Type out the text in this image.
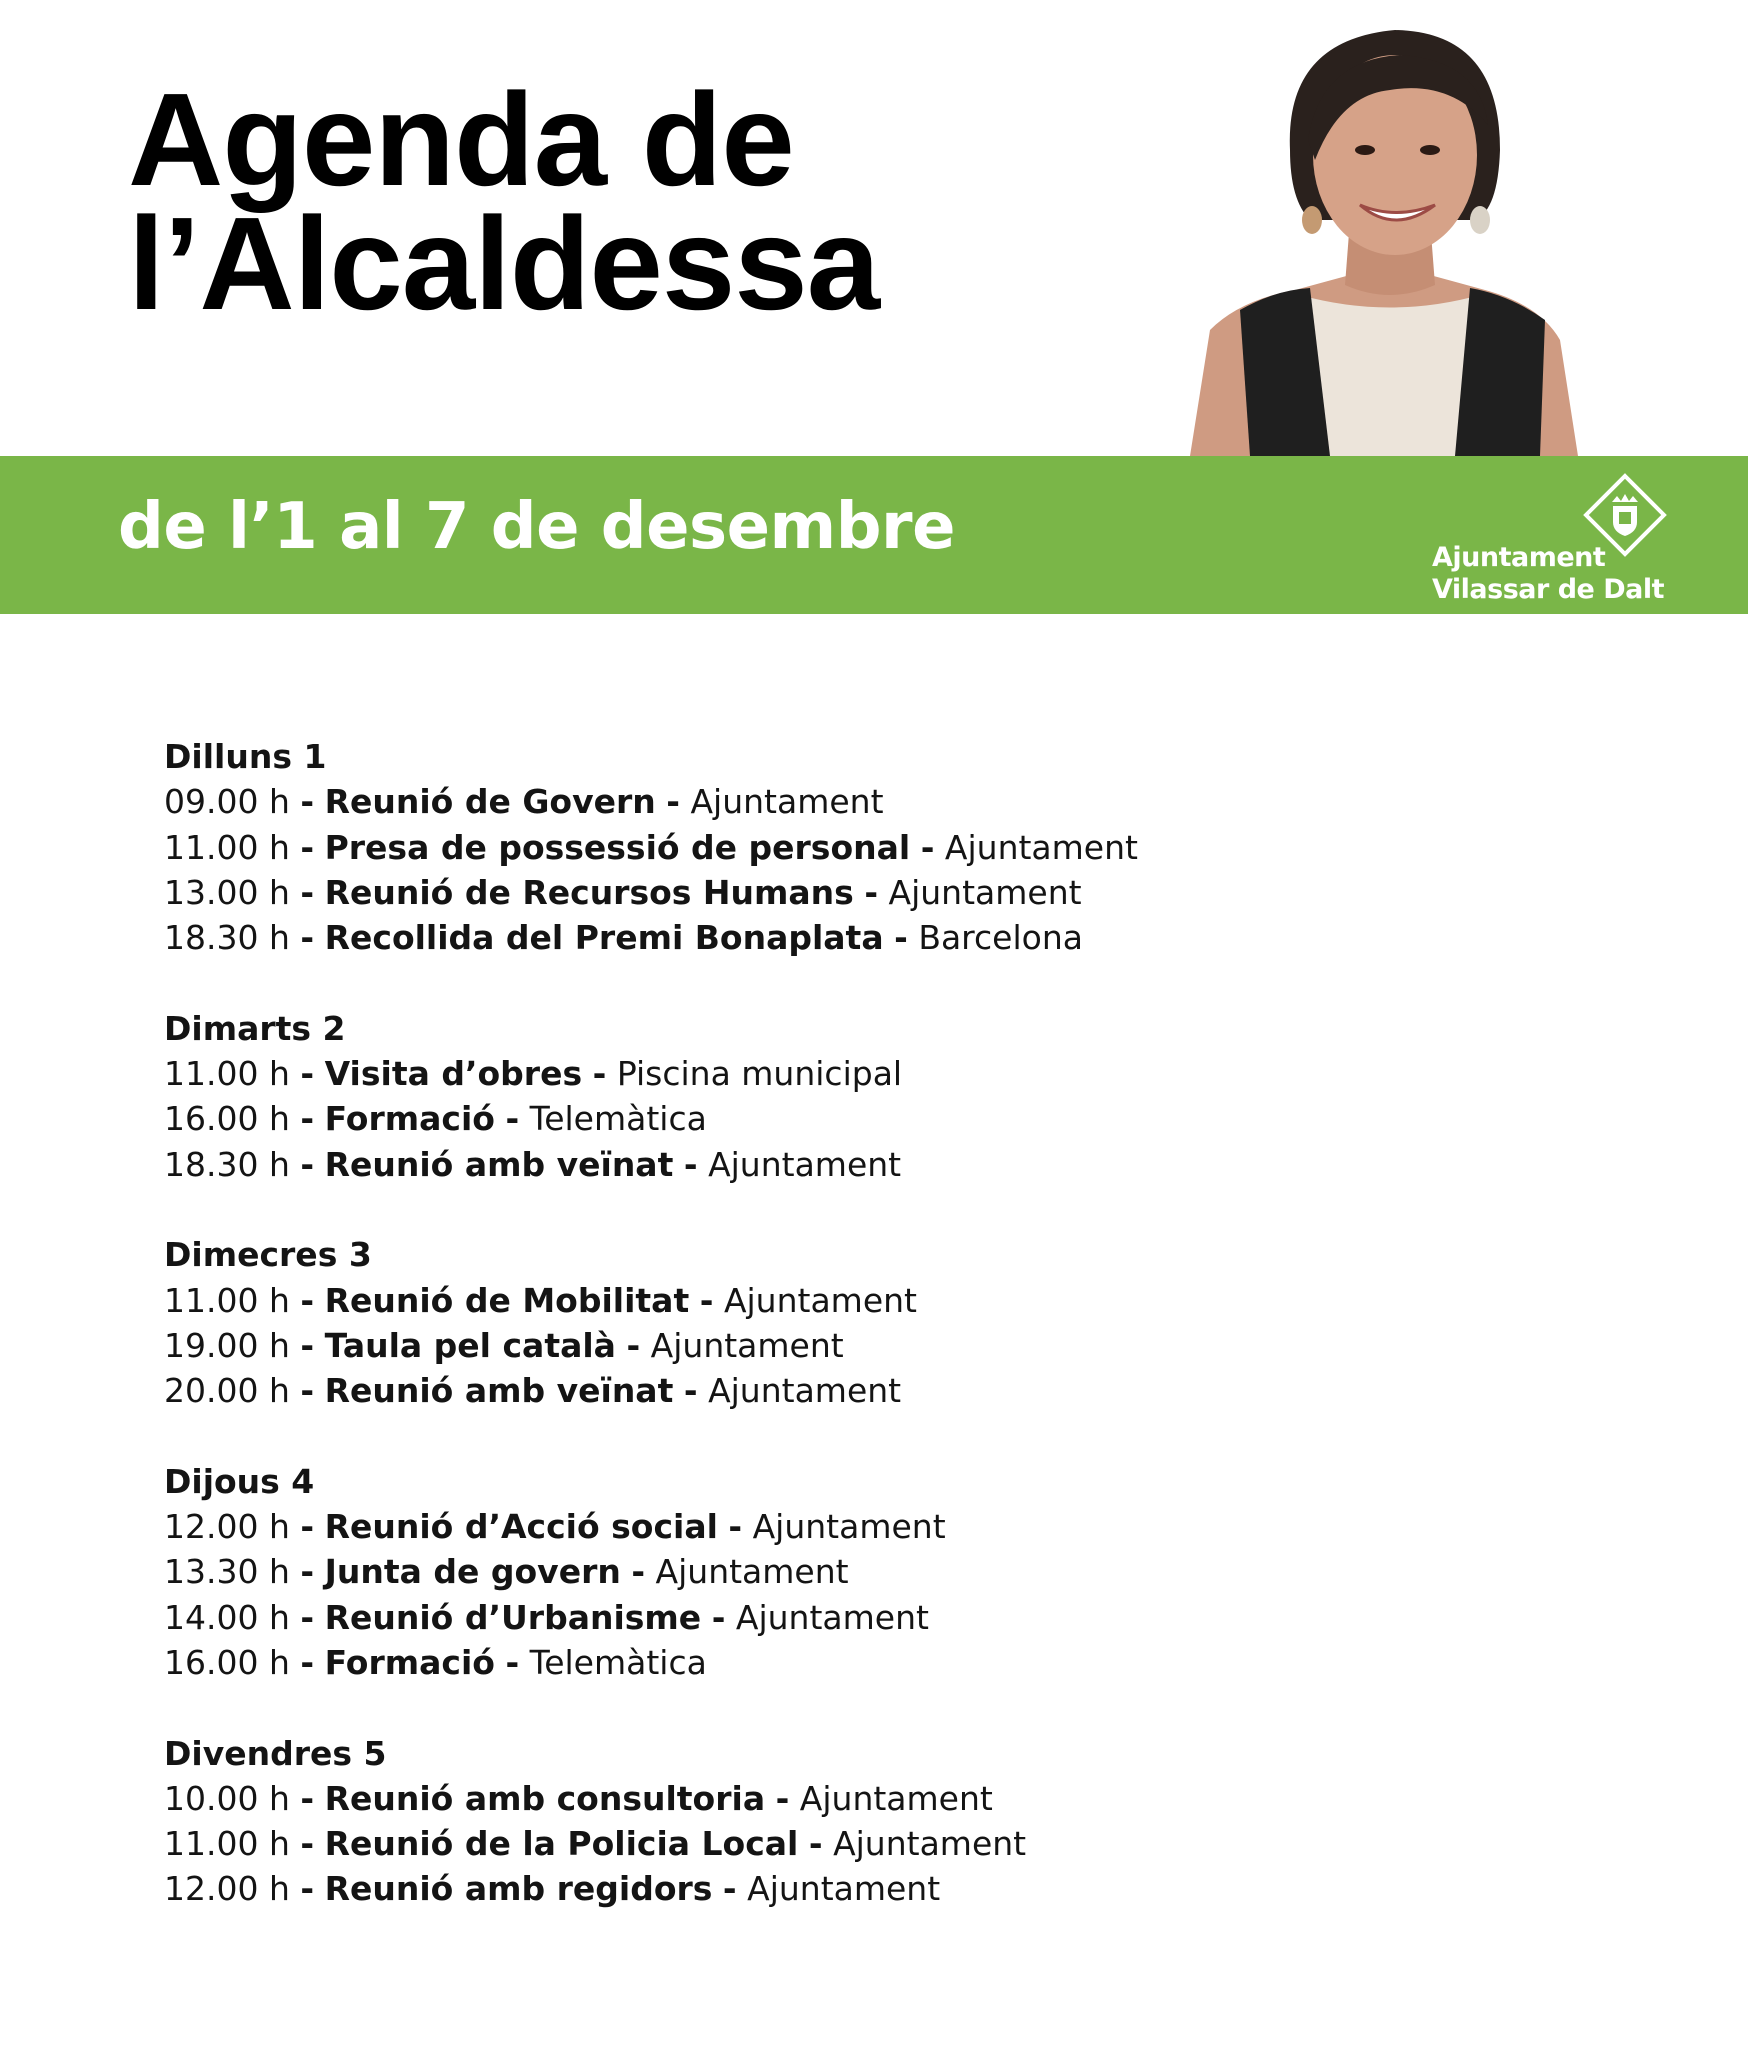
Agenda de
l’Alcaldessa

de l’1 al 7 de desembre	Ajuntament
Vilassar de Dalt

Dilluns 1

09.00 h - Reunió de Govern - Ajuntament

11.00 h - Presa de possessió de personal - Ajuntament

13.00 h - Reunió de Recursos Humans - Ajuntament

18.30 h - Recollida del Premi Bonaplata - Barcelona

Dimarts 2

11.00 h - Visita d’obres - Piscina municipal

16.00 h - Formació - Telemàtica

18.30 h - Reunió amb veïnat - Ajuntament

Dimecres 3

11.00 h - Reunió de Mobilitat - Ajuntament

19.00 h - Taula pel català - Ajuntament

20.00 h - Reunió amb veïnat - Ajuntament

Dijous 4

12.00 h - Reunió d’Acció social - Ajuntament

13.30 h - Junta de govern - Ajuntament

14.00 h - Reunió d’Urbanisme - Ajuntament

16.00 h - Formació - Telemàtica

Divendres 5

10.00 h - Reunió amb consultoria - Ajuntament

11.00 h - Reunió de la Policia Local - Ajuntament

12.00 h - Reunió amb regidors - Ajuntament
